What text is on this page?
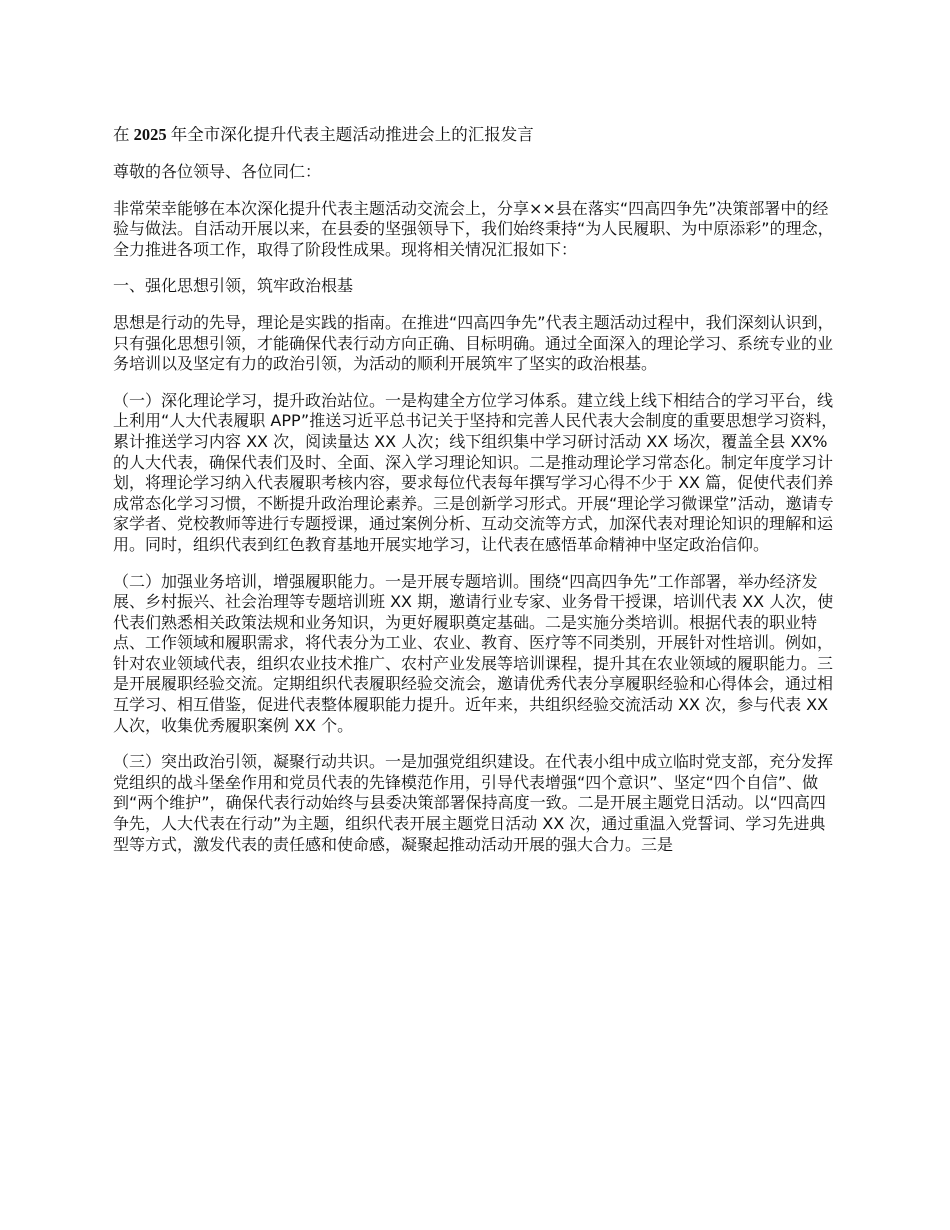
在 2025 年全市深化提升代表主题活动推进会上的汇报发言

尊敬的各位领导、各位同仁：

非常荣幸能够在本次深化提升代表主题活动交流会上，分享××县在落实“四高四争先”决策部署中的经验与做法。自活动开展以来，在县委的坚强领导下，我们始终秉持“为人民履职、为中原添彩”的理念，全力推进各项工作，取得了阶段性成果。现将相关情况汇报如下：

一、强化思想引领，筑牢政治根基

思想是行动的先导，理论是实践的指南。在推进“四高四争先”代表主题活动过程中，我们深刻认识到，只有强化思想引领，才能确保代表行动方向正确、目标明确。通过全面深入的理论学习、系统专业的业务培训以及坚定有力的政治引领，为活动的顺利开展筑牢了坚实的政治根基。

（一）深化理论学习，提升政治站位。一是构建全方位学习体系。建立线上线下相结合的学习平台，线上利用“人大代表履职 APP”推送习近平总书记关于坚持和完善人民代表大会制度的重要思想学习资料，累计推送学习内容 XX 次，阅读量达 XX 人次；线下组织集中学习研讨活动 XX 场次，覆盖全县 XX% 的人大代表，确保代表们及时、全面、深入学习理论知识。二是推动理论学习常态化。制定年度学习计划，将理论学习纳入代表履职考核内容，要求每位代表每年撰写学习心得不少于 XX 篇，促使代表们养成常态化学习习惯，不断提升政治理论素养。三是创新学习形式。开展“理论学习微课堂”活动，邀请专家学者、党校教师等进行专题授课，通过案例分析、互动交流等方式，加深代表对理论知识的理解和运用。同时，组织代表到红色教育基地开展实地学习，让代表在感悟革命精神中坚定政治信仰。

（二）加强业务培训，增强履职能力。一是开展专题培训。围绕“四高四争先”工作部署，举办经济发展、乡村振兴、社会治理等专题培训班 XX 期，邀请行业专家、业务骨干授课，培训代表 XX 人次，使代表们熟悉相关政策法规和业务知识，为更好履职奠定基础。二是实施分类培训。根据代表的职业特点、工作领域和履职需求，将代表分为工业、农业、教育、医疗等不同类别，开展针对性培训。例如，针对农业领域代表，组织农业技术推广、农村产业发展等培训课程，提升其在农业领域的履职能力。三是开展履职经验交流。定期组织代表履职经验交流会，邀请优秀代表分享履职经验和心得体会，通过相互学习、相互借鉴，促进代表整体履职能力提升。近年来，共组织经验交流活动 XX 次，参与代表 XX 人次，收集优秀履职案例 XX 个。

（三）突出政治引领，凝聚行动共识。一是加强党组织建设。在代表小组中成立临时党支部，充分发挥党组织的战斗堡垒作用和党员代表的先锋模范作用，引导代表增强“四个意识”、坚定“四个自信”、做到“两个维护”，确保代表行动始终与县委决策部署保持高度一致。二是开展主题党日活动。以“四高四争先，人大代表在行动”为主题，组织代表开展主题党日活动 XX 次，通过重温入党誓词、学习先进典型等方式，激发代表的责任感和使命感，凝聚起推动活动开展的强大合力。三是
